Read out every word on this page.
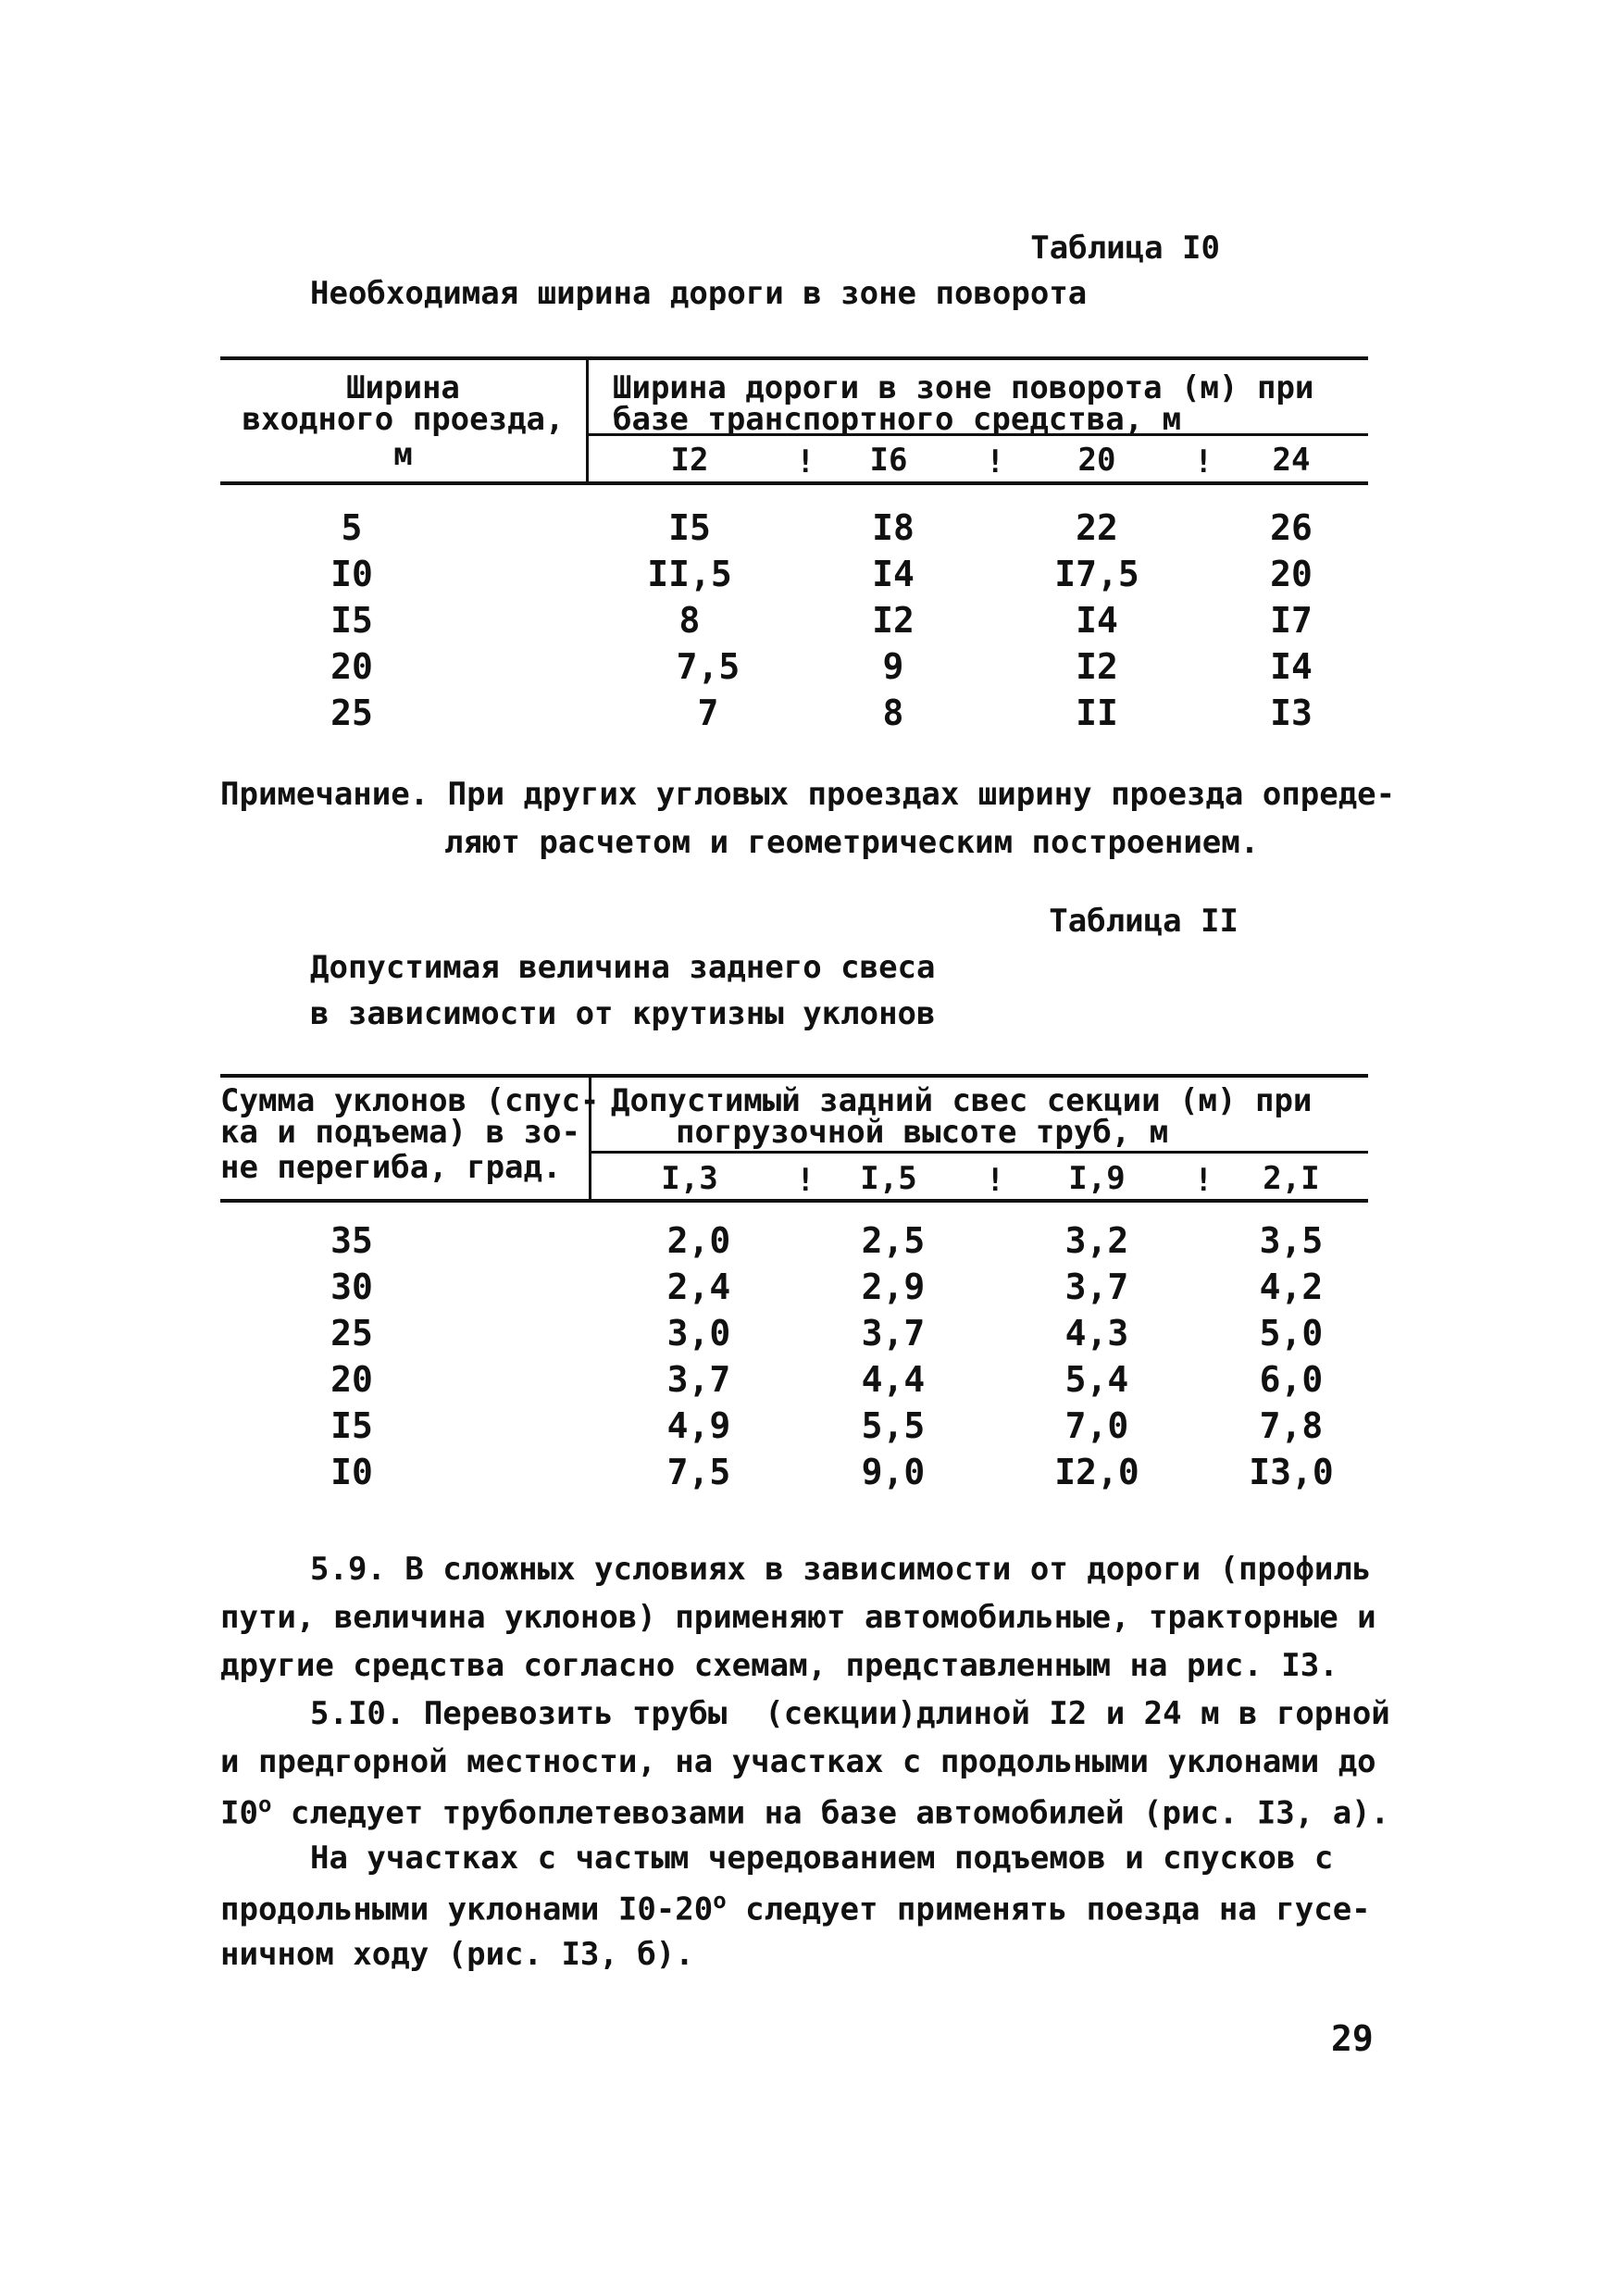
Таблица I0
Необходимая ширина дороги в зоне поворота
Ширина
входного проезда,
м
Ширина дороги в зоне поворота (м) при
базе транспортного средства, м
I2	I6	20	24
!	!	!
5	I5	I8	22	26
I0	II,5	I4	I7,5	20
I5	8	I2	I4	I7
20	7,5	9	I2	I4
25	7	8	II	I3
Примечание. При других угловых проездах ширину проезда опреде-
ляют расчетом и геометрическим построением.
Таблица II
Допустимая величина заднего свеса
в зависимости от крутизны уклонов
Сумма уклонов (спус-
ка и подъема) в зо-
не перегиба, град.
Допустимый задний свес секции (м) при
погрузочной высоте труб, м
I,3	I,5	I,9	2,I
!	!	!
35	2,0	2,5	3,2	3,5
30	2,4	2,9	3,7	4,2
25	3,0	3,7	4,3	5,0
20	3,7	4,4	5,4	6,0
I5	4,9	5,5	7,0	7,8
I0	7,5	9,0	I2,0	I3,0
5.9. В сложных условиях в зависимости от дороги (профиль
пути, величина уклонов) применяют автомобильные, тракторные и
другие средства согласно схемам, представленным на рис. I3.
5.I0. Перевозить трубы  (секции)длиной I2 и 24 м в горной
и предгорной местности, на участках с продольными уклонами до
$I0^о$ следует трубоплетевозами на базе автомобилей (рис. I3, а).
На участках с частым чередованием подъемов и спусков с
продольными уклонами $I0-20^о$ следует применять поезда на гусе-
ничном ходу (рис. I3, б).
29
